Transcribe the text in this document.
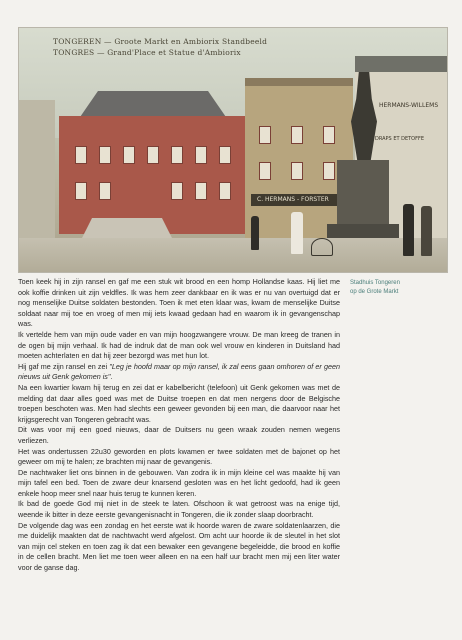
TONGEREN — Groote Markt en Ambiorix Standbeeld
TONGRES — Grand'Place et Statue d'Ambiorix
C. HERMANS - FORSTER
HERMANS-WILLEMS
DRAPS ET DETOFFE
Stadhuis Tongeren
op de Grote Markt

Toen keek hij in zijn ransel en gaf me een stuk wit brood en een homp Hollandse kaas. Hij liet me ook koffie drinken uit zijn veldfles. Ik was hem zeer dankbaar en ik was er nu van overtuigd dat er nog menselijke Duitse soldaten bestonden. Toen ik met eten klaar was, kwam de menselijke Duitse soldaat naar mij toe en vroeg of men mij iets kwaad gedaan had en waarom ik in gevangenschap was.

Ik vertelde hem van mijn oude vader en van mijn hoogzwangere vrouw. De man kreeg de tranen in de ogen bij mijn verhaal. Ik had de indruk dat de man ook wel vrouw en kinderen in Duitsland had moeten achterlaten en dat hij zeer bezorgd was met hun lot.

Hij gaf me zijn ransel en zei "Leg je hoofd maar op mijn ransel, ik zal eens gaan omhoren of er geen nieuws uit Genk gekomen is".

Na een kwartier kwam hij terug en zei dat er kabelbericht (telefoon) uit Genk gekomen was met de melding dat daar alles goed was met de Duitse troepen en dat men nergens door de Belgische troepen beschoten was. Men had slechts een geweer gevonden bij een man, die daarvoor naar het krijgsgerecht van Tongeren gebracht was.

Dit was voor mij een goed nieuws, daar de Duitsers nu geen wraak zouden nemen wegens verliezen.

Het was ondertussen 22u30 geworden en plots kwamen er twee soldaten met de bajonet op het geweer om mij te halen; ze brachten mij naar de gevangenis.

De nachtwaker liet ons binnen in de gebouwen. Van zodra ik in mijn kleine cel was maakte hij van mijn tafel een bed. Toen de zware deur knarsend gesloten was en het licht gedoofd, had ik geen enkele hoop meer snel naar huis terug te kunnen keren.

Ik bad de goede God mij niet in de steek te laten. Ofschoon ik wat getroost was na enige tijd, weende ik bitter in deze eerste gevangenisnacht in Tongeren, die ik zonder slaap doorbracht.

De volgende dag was een zondag en het eerste wat ik hoorde waren de zware soldatenlaarzen, die me duidelijk maakten dat de nachtwacht werd afgelost. Om acht uur hoorde ik de sleutel in het slot van mijn cel steken en toen zag ik dat een bewaker een gevangene begeleidde, die brood en koffie in de cellen bracht. Men liet me toen weer alleen en na een half uur bracht men mij een liter water voor de ganse dag.
